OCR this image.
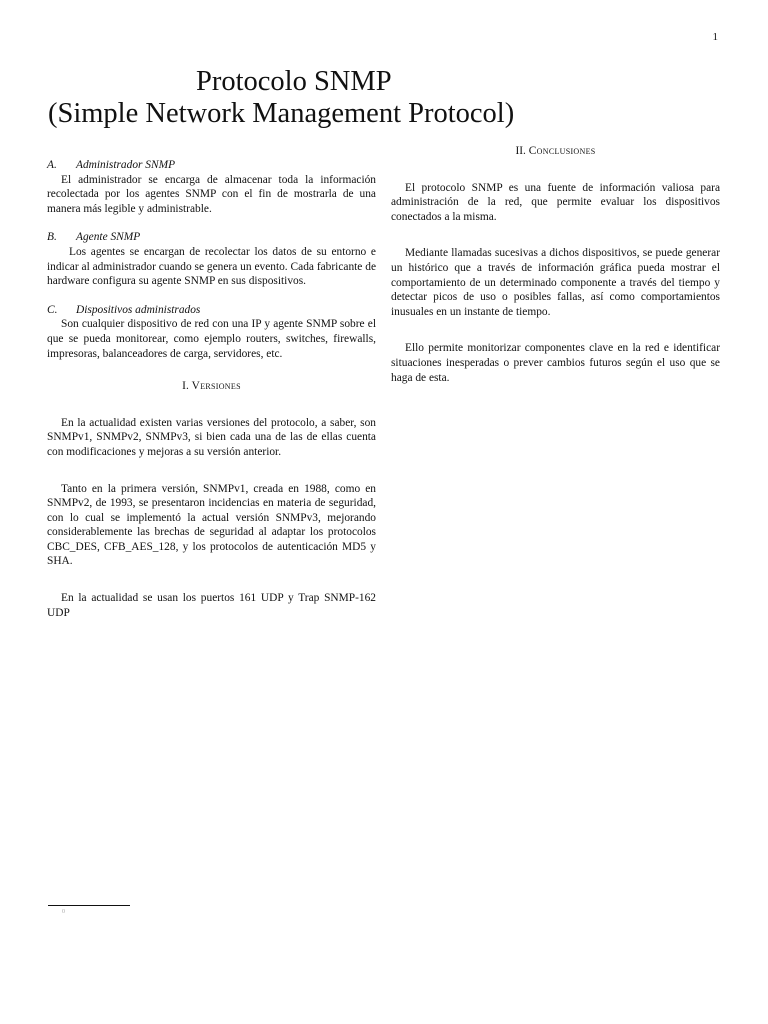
1
Protocolo SNMP
(Simple Network Management Protocol)
A. Administrador SNMP

El administrador se encarga de almacenar toda la información recolectada por los agentes SNMP con el fin de mostrarla de una manera más legible y administrable.

B. Agente SNMP

Los agentes se encargan de recolectar los datos de su entorno e indicar al administrador cuando se genera un evento. Cada fabricante de hardware configura su agente SNMP en sus dispositivos.

C. Dispositivos administrados

Son cualquier dispositivo de red con una IP y agente SNMP sobre el que se pueda monitorear, como ejemplo routers, switches, firewalls, impresoras, balanceadores de carga, servidores, etc.

I. Versiones

En la actualidad existen varias versiones del protocolo, a saber, son SNMPv1, SNMPv2, SNMPv3, si bien cada una de las de ellas cuenta con modificaciones y mejoras a su versión anterior.

Tanto en la primera versión, SNMPv1, creada en 1988, como en SNMPv2, de 1993, se presentaron incidencias en materia de seguridad, con lo cual se implementó la actual versión SNMPv3, mejorando considerablemente las brechas de seguridad al adaptar los protocolos CBC_DES, CFB_AES_128, y los protocolos de autenticación MD5 y SHA.

En la actualidad se usan los puertos 161 UDP y Trap SNMP-162 UDP

II. Conclusiones

El protocolo SNMP es una fuente de información valiosa para administración de la red, que permite evaluar los dispositivos conectados a la misma.

Mediante llamadas sucesivas a dichos dispositivos, se puede generar un histórico que a través de información gráfica pueda mostrar el comportamiento de un determinado componente a través del tiempo y detectar picos de uso o posibles fallas, así como comportamientos inusuales en un instante de tiempo.

Ello permite monitorizar componentes clave en la red e identificar situaciones inesperadas o prever cambios futuros según el uso que se haga de esta.

0
